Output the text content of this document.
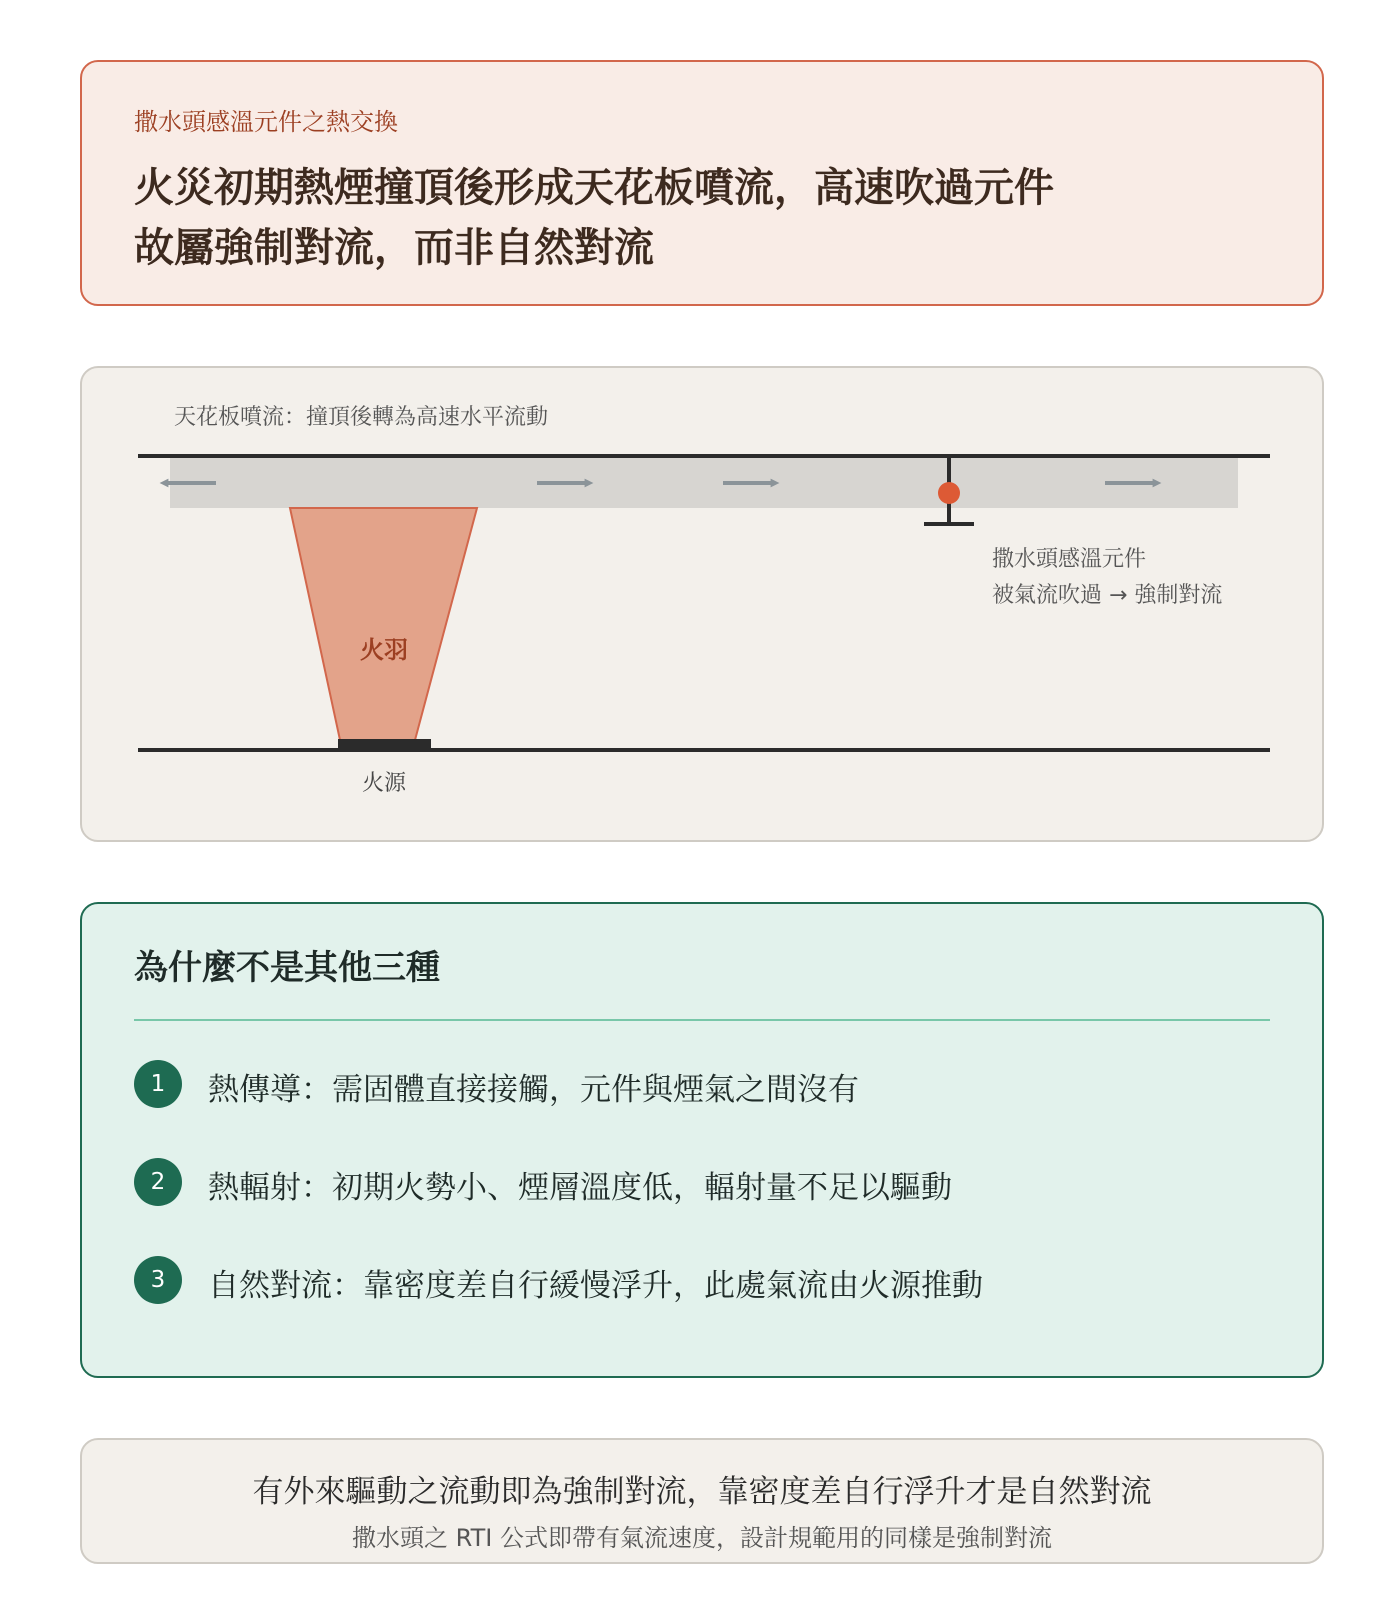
撒水頭感溫元件之熱交換
火災初期熱煙撞頂後形成天花板噴流，高速吹過元件
故屬強制對流，而非自然對流
天花板噴流：撞頂後轉為高速水平流動
火羽
火源
撒水頭感溫元件
被氣流吹過 → 強制對流
為什麼不是其他三種
1	熱傳導：需固體直接接觸，元件與煙氣之間沒有
2	熱輻射：初期火勢小、煙層溫度低，輻射量不足以驅動
3	自然對流：靠密度差自行緩慢浮升，此處氣流由火源推動
有外來驅動之流動即為強制對流，靠密度差自行浮升才是自然對流
撒水頭之 RTI 公式即帶有氣流速度，設計規範用的同樣是強制對流
